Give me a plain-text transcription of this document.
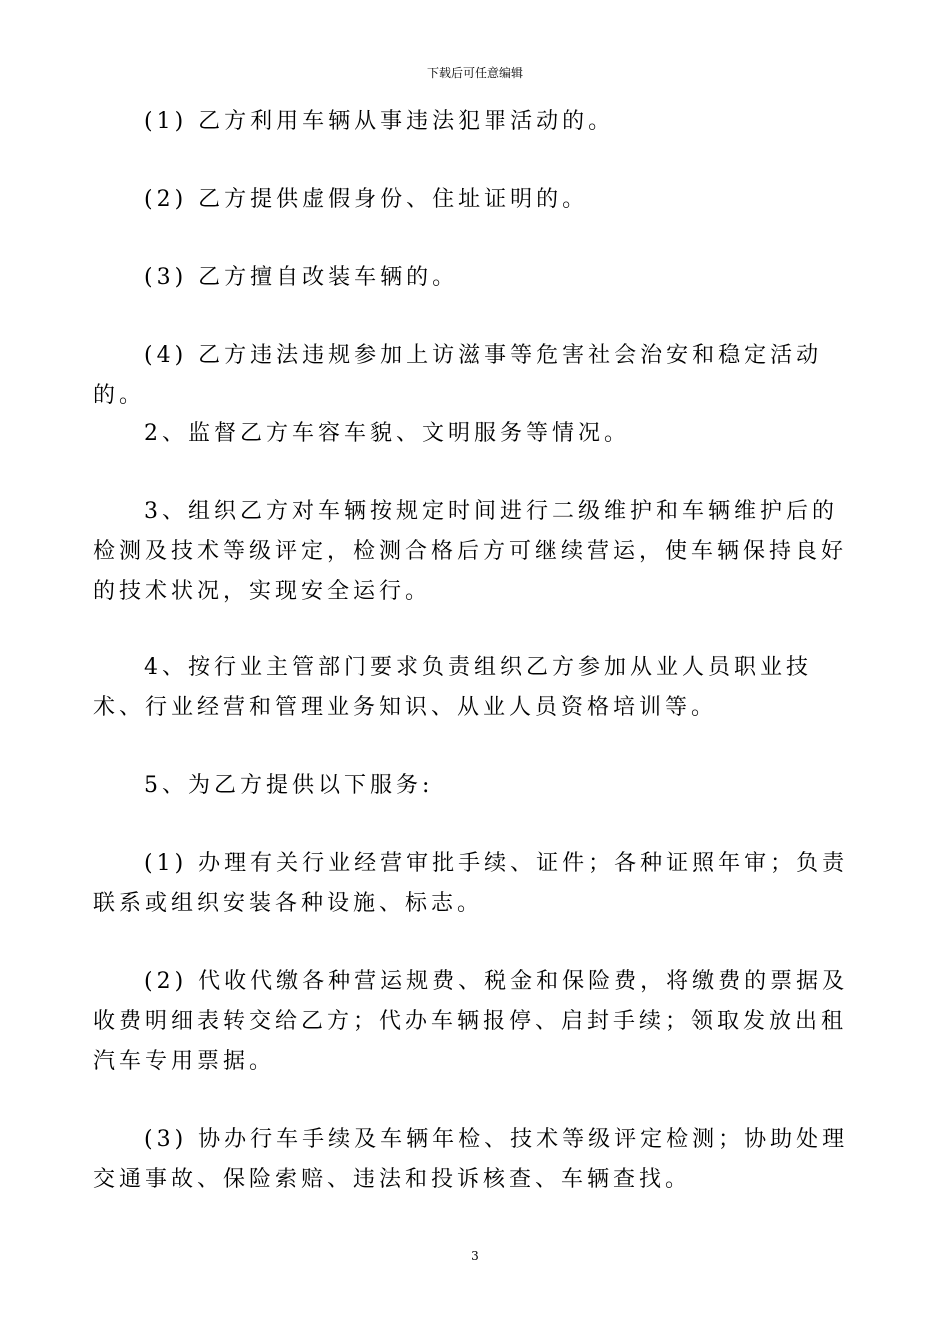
下载后可任意编辑

(1) 乙方利用车辆从事违法犯罪活动的。

(2) 乙方提供虚假身份、住址证明的。

(3) 乙方擅自改装车辆的。

(4) 乙方违法违规参加上访滋事等危害社会治安和稳定活动的。

2、监督乙方车容车貌、文明服务等情况。

3、组织乙方对车辆按规定时间进行二级维护和车辆维护后的检测及技术等级评定，检测合格后方可继续营运，使车辆保持良好的技术状况，实现安全运行。

4、按行业主管部门要求负责组织乙方参加从业人员职业技术、行业经营和管理业务知识、从业人员资格培训等。

5、为乙方提供以下服务:

(1) 办理有关行业经营审批手续、证件；各种证照年审；负责联系或组织安装各种设施、标志。

(2) 代收代缴各种营运规费、税金和保险费，将缴费的票据及收费明细表转交给乙方；代办车辆报停、启封手续；领取发放出租汽车专用票据。

(3) 协办行车手续及车辆年检、技术等级评定检测；协助处理交通事故、保险索赔、违法和投诉核查、车辆查找。

3
